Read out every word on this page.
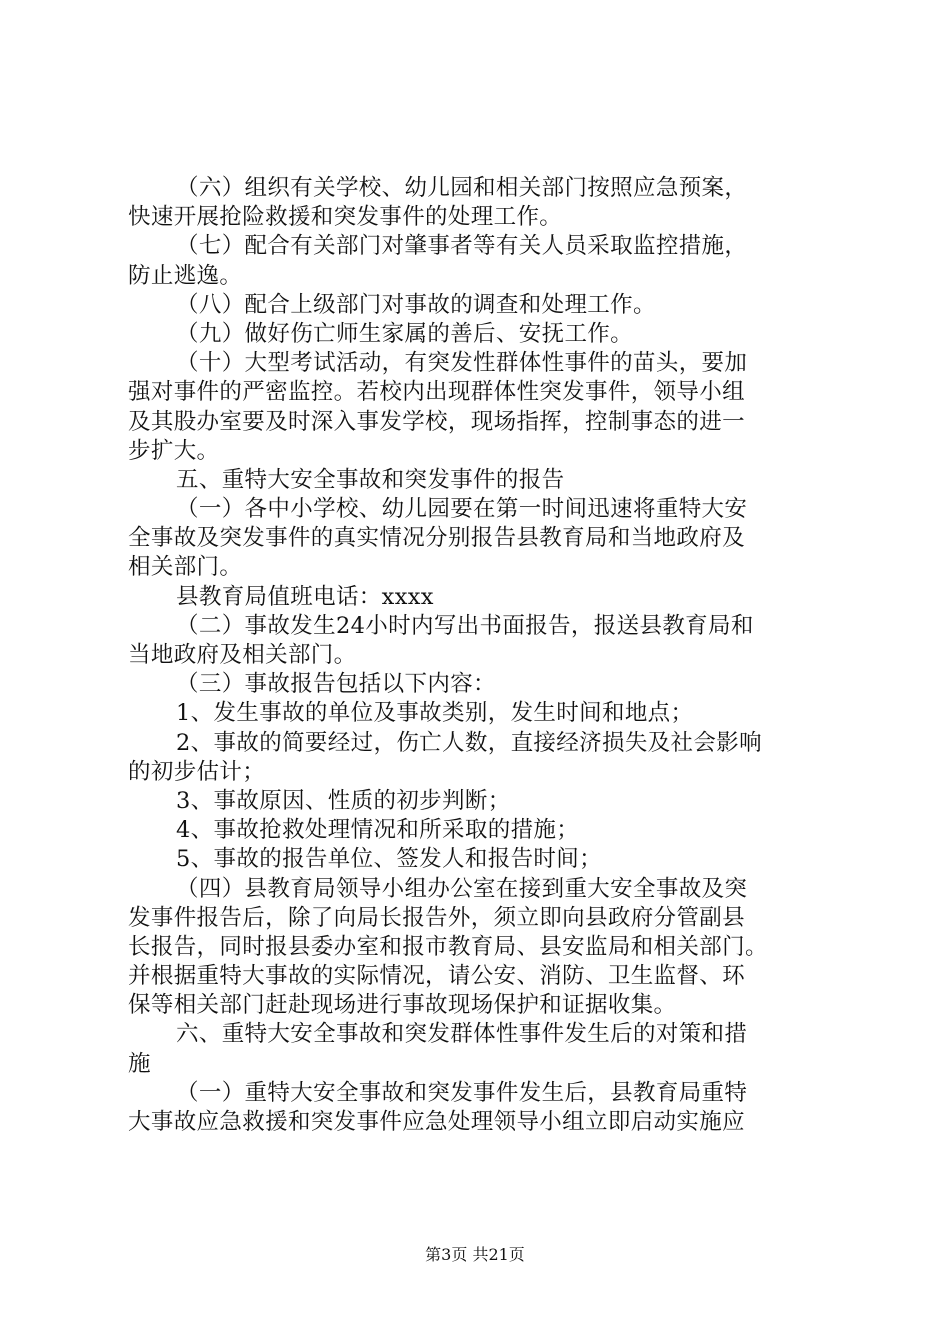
（六）组织有关学校、幼儿园和相关部门按照应急预案，
快速开展抢险救援和突发事件的处理工作。
（七）配合有关部门对肇事者等有关人员采取监控措施，
防止逃逸。
（八）配合上级部门对事故的调查和处理工作。
（九）做好伤亡师生家属的善后、安抚工作。
（十）大型考试活动，有突发性群体性事件的苗头，要加
强对事件的严密监控。若校内出现群体性突发事件，领导小组
及其股办室要及时深入事发学校，现场指挥，控制事态的进一
步扩大。
五、重特大安全事故和突发事件的报告
（一）各中小学校、幼儿园要在第一时间迅速将重特大安
全事故及突发事件的真实情况分别报告县教育局和当地政府及
相关部门。
县教育局值班电话：xxxx
（二）事故发生24小时内写出书面报告，报送县教育局和
当地政府及相关部门。
（三）事故报告包括以下内容：
1、发生事故的单位及事故类别，发生时间和地点；
2、事故的简要经过，伤亡人数，直接经济损失及社会影响
的初步估计；
3、事故原因、性质的初步判断；
4、事故抢救处理情况和所采取的措施；
5、事故的报告单位、签发人和报告时间；
（四）县教育局领导小组办公室在接到重大安全事故及突
发事件报告后，除了向局长报告外，须立即向县政府分管副县
长报告，同时报县委办室和报市教育局、县安监局和相关部门。
并根据重特大事故的实际情况，请公安、消防、卫生监督、环
保等相关部门赶赴现场进行事故现场保护和证据收集。
六、重特大安全事故和突发群体性事件发生后的对策和措
施
（一）重特大安全事故和突发事件发生后，县教育局重特
大事故应急救援和突发事件应急处理领导小组立即启动实施应
第3页 共21页
